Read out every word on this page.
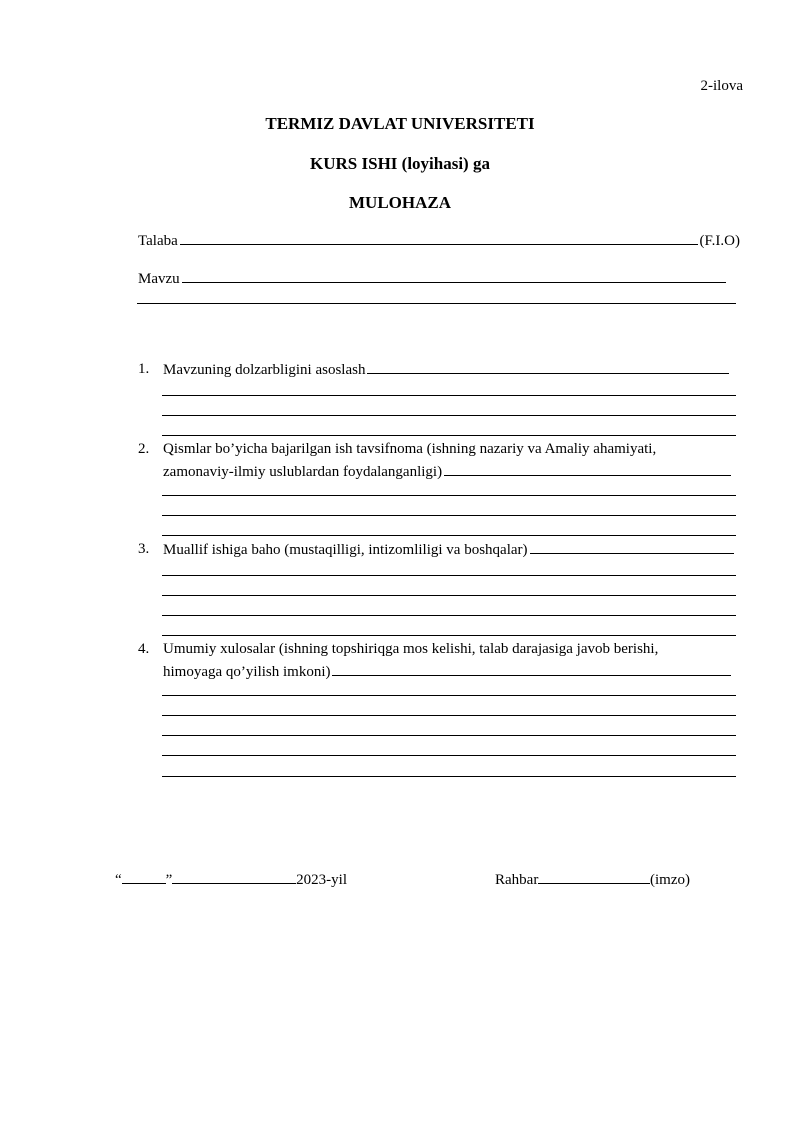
2-ilova
TERMIZ DAVLAT UNIVERSITETI
KURS ISHI (loyihasi) ga
MULOHAZA
Talaba	(F.I.O)
Mavzu
1. Mavzuning dolzarbligini asoslash
2. Qismlar bo’yicha bajarilgan ish tavsifnoma (ishning nazariy va Amaliy ahamiyati,
zamonaviy-ilmiy uslublardan foydalanganligi)
3. Muallif ishiga baho (mustaqilligi, intizomliligi va boshqalar)
4. Umumiy xulosalar (ishning topshiriqga mos kelishi, talab darajasiga javob berishi,
himoyaga qo’yilish imkoni)
“	”	2023-yil	Rahbar	(imzo)
